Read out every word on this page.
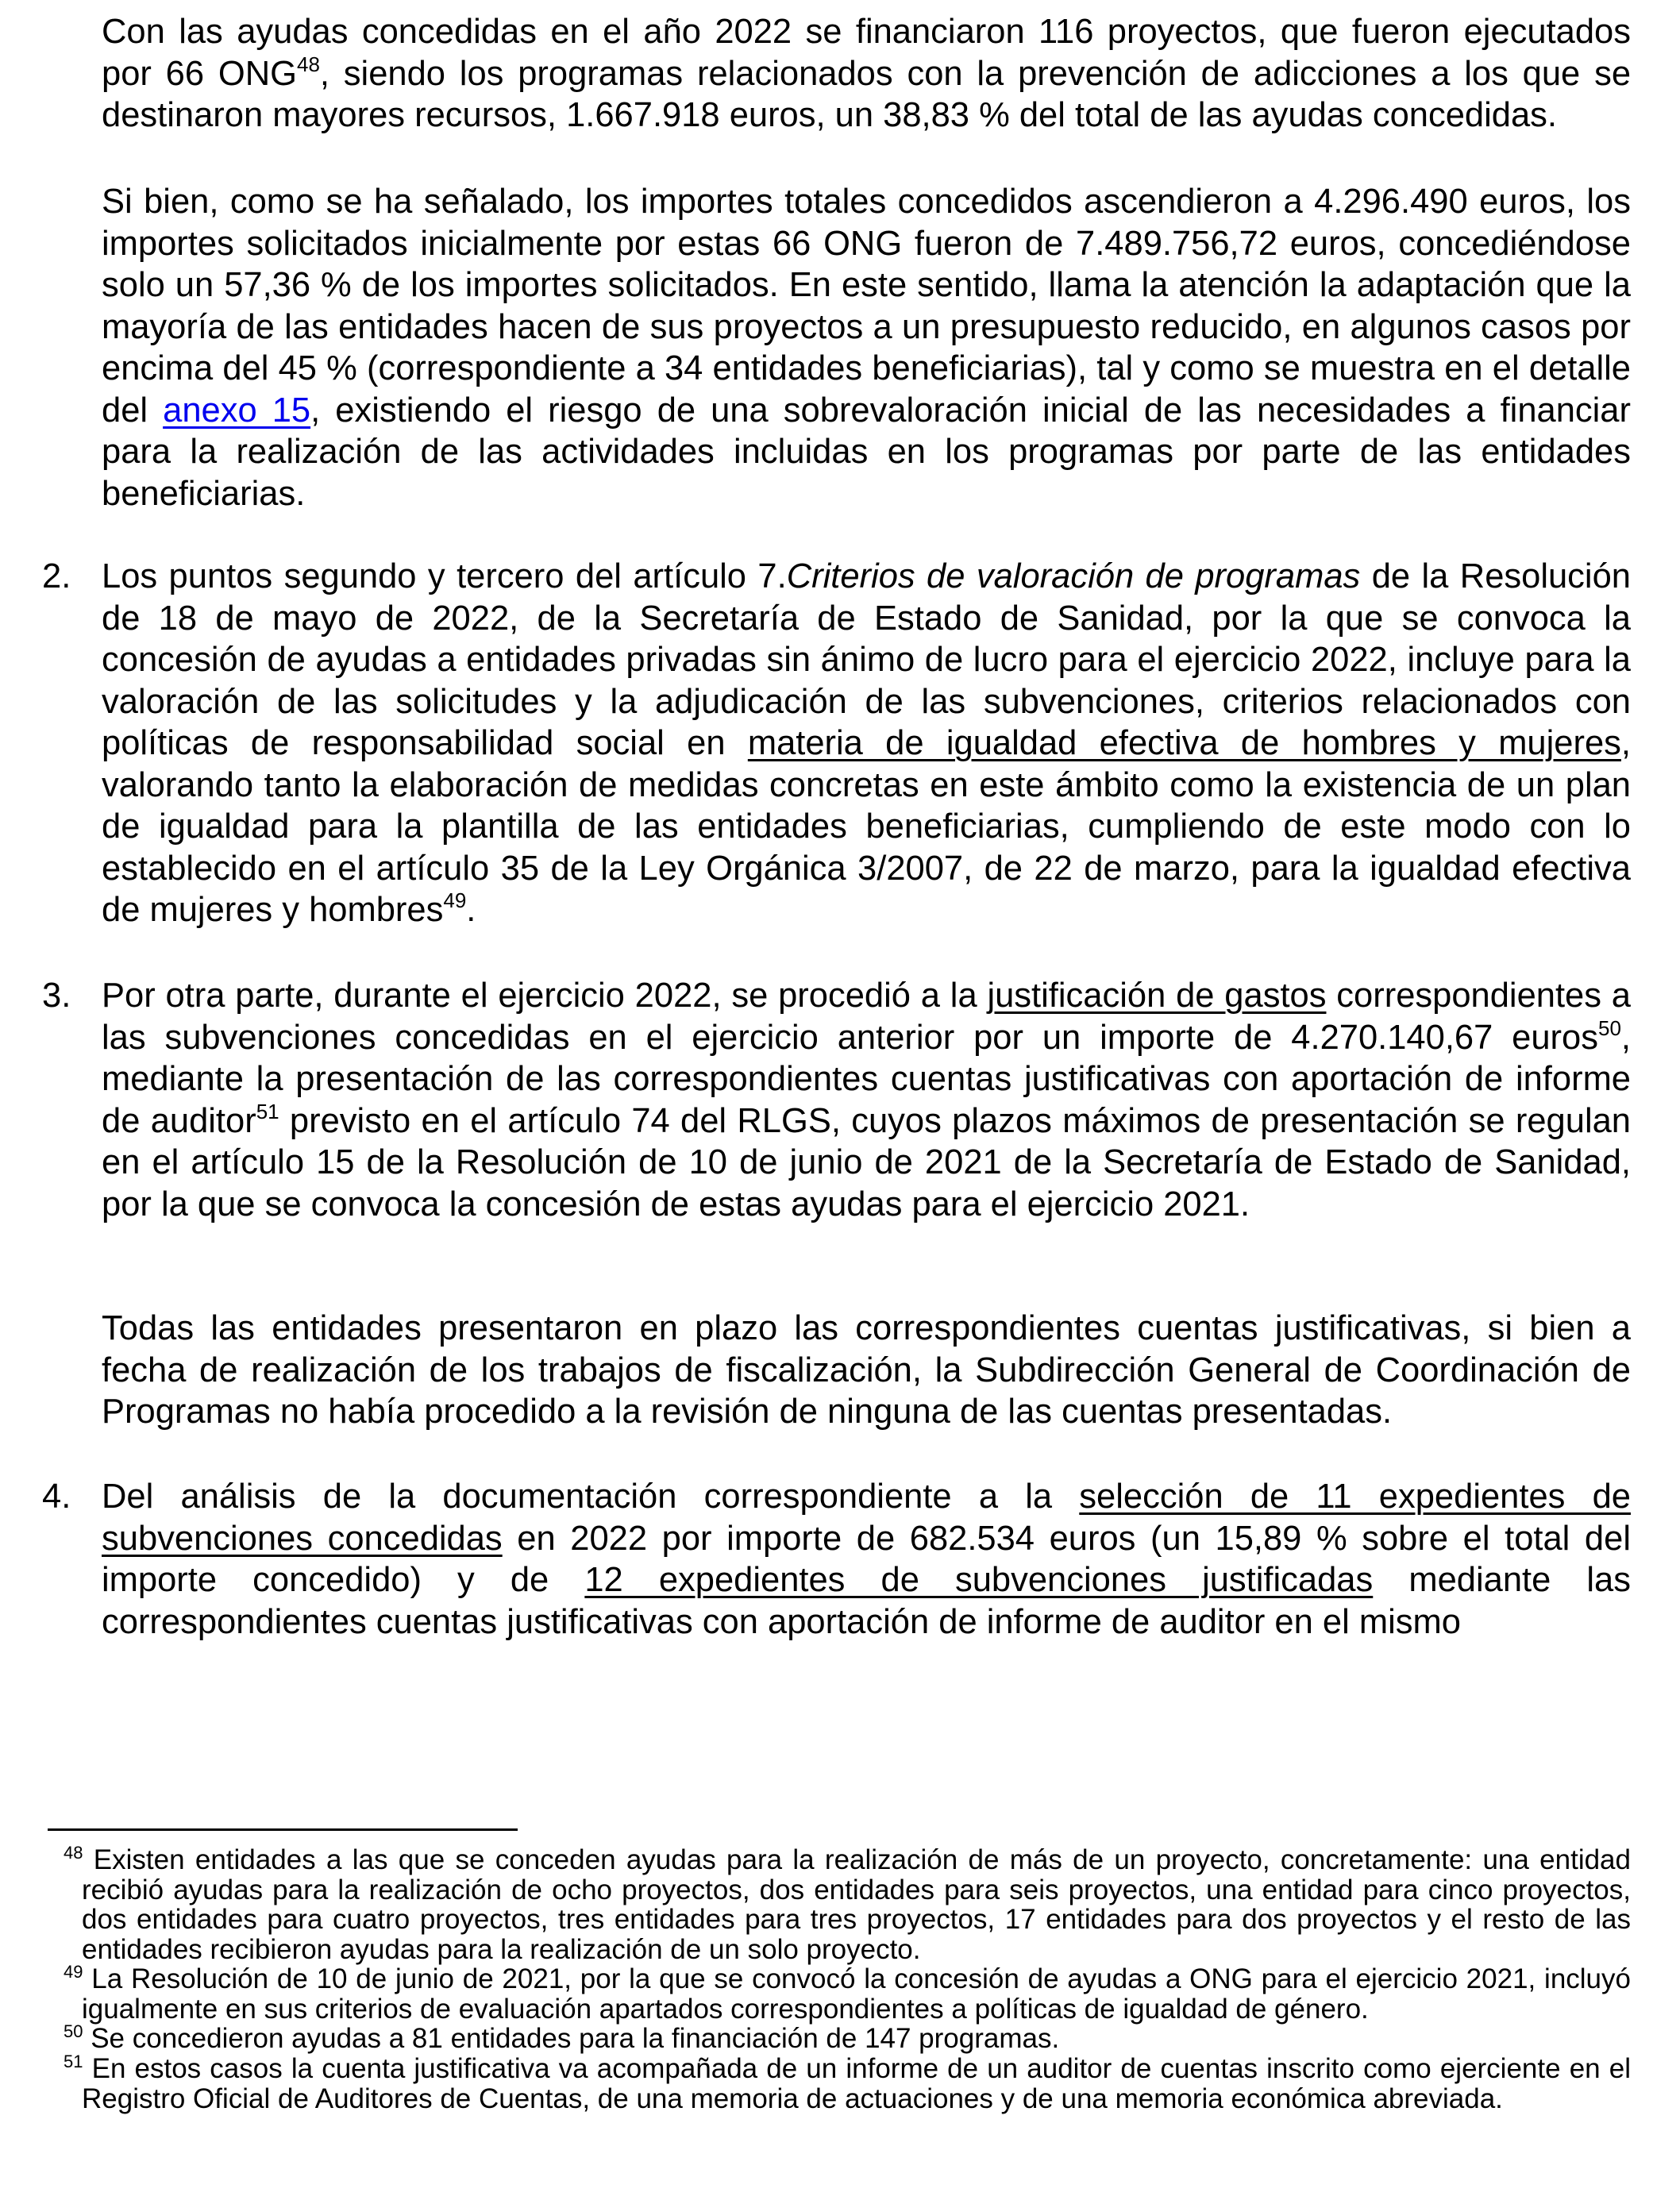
Con las ayudas concedidas en el año 2022 se financiaron 116 proyectos, que fueron ejecutados por 66 ONG$^{48}$, siendo los programas relacionados con la prevención de adicciones a los que se destinaron mayores recursos, 1.667.918 euros, un 38,83 % del total de las ayudas concedidas.

Si bien, como se ha señalado, los importes totales concedidos ascendieron a 4.296.490 euros, los importes solicitados inicialmente por estas 66 ONG fueron de 7.489.756,72 euros, concediéndose solo un 57,36 % de los importes solicitados. En este sentido, llama la atención la adaptación que la mayoría de las entidades hacen de sus proyectos a un presupuesto reducido, en algunos casos por encima del 45 % (correspondiente a 34 entidades beneficiarias), tal y como se muestra en el detalle del anexo 15, existiendo el riesgo de una sobrevaloración inicial de las necesidades a financiar para la realización de las actividades incluidas en los programas por parte de las entidades beneficiarias.

2. Los puntos segundo y tercero del artículo 7.Criterios de valoración de programas de la Resolución de 18 de mayo de 2022, de la Secretaría de Estado de Sanidad, por la que se convoca la concesión de ayudas a entidades privadas sin ánimo de lucro para el ejercicio 2022, incluye para la valoración de las solicitudes y la adjudicación de las subvenciones, criterios relacionados con políticas de responsabilidad social en materia de igualdad efectiva de hombres y mujeres, valorando tanto la elaboración de medidas concretas en este ámbito como la existencia de un plan de igualdad para la plantilla de las entidades beneficiarias, cumpliendo de este modo con lo establecido en el artículo 35 de la Ley Orgánica 3/2007, de 22 de marzo, para la igualdad efectiva de mujeres y hombres$^{49}$.

3. Por otra parte, durante el ejercicio 2022, se procedió a la justificación de gastos correspondientes a las subvenciones concedidas en el ejercicio anterior por un importe de 4.270.140,67 euros$^{50}$, mediante la presentación de las correspondientes cuentas justificativas con aportación de informe de auditor$^{51}$ previsto en el artículo 74 del RLGS, cuyos plazos máximos de presentación se regulan en el artículo 15 de la Resolución de 10 de junio de 2021 de la Secretaría de Estado de Sanidad, por la que se convoca la concesión de estas ayudas para el ejercicio 2021.

Todas las entidades presentaron en plazo las correspondientes cuentas justificativas, si bien a fecha de realización de los trabajos de fiscalización, la Subdirección General de Coordinación de Programas no había procedido a la revisión de ninguna de las cuentas presentadas.

4. Del análisis de la documentación correspondiente a la selección de 11 expedientes de subvenciones concedidas en 2022 por importe de 682.534 euros (un 15,89 % sobre el total del importe concedido) y de 12 expedientes de subvenciones justificadas mediante las correspondientes cuentas justificativas con aportación de informe de auditor en el mismo

$^{48}$ Existen entidades a las que se conceden ayudas para la realización de más de un proyecto, concretamente: una entidad recibió ayudas para la realización de ocho proyectos, dos entidades para seis proyectos, una entidad para cinco proyectos, dos entidades para cuatro proyectos, tres entidades para tres proyectos, 17 entidades para dos proyectos y el resto de las entidades recibieron ayudas para la realización de un solo proyecto.
$^{49}$ La Resolución de 10 de junio de 2021, por la que se convocó la concesión de ayudas a ONG para el ejercicio 2021, incluyó igualmente en sus criterios de evaluación apartados correspondientes a políticas de igualdad de género.
$^{50}$ Se concedieron ayudas a 81 entidades para la financiación de 147 programas.
$^{51}$ En estos casos la cuenta justificativa va acompañada de un informe de un auditor de cuentas inscrito como ejerciente en el Registro Oficial de Auditores de Cuentas, de una memoria de actuaciones y de una memoria económica abreviada.
